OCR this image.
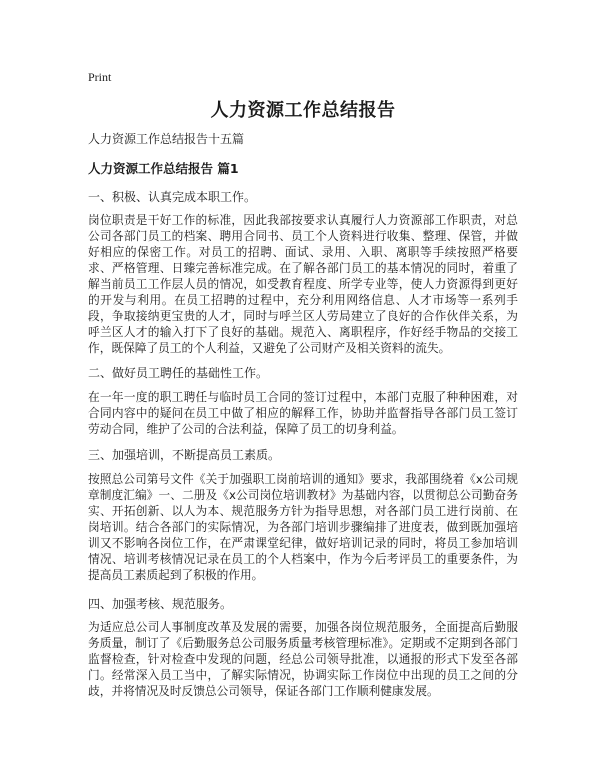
Print
人力资源工作总结报告

人力资源工作总结报告十五篇

人力资源工作总结报告 篇1

一、积极、认真完成本职工作。

岗位职责是干好工作的标准，因此我部按要求认真履行人力资源部工作职责，对总公司各部门员工的档案、聘用合同书、员工个人资料进行收集、整理、保管，并做好相应的保密工作。对员工的招聘、面试、录用、入职、离职等手续按照严格要求、严格管理、日臻完善标准完成。在了解各部门员工的基本情况的同时，着重了解当前员工工作层人员的情况，如受教育程度、所学专业等，使人力资源得到更好的开发与利用。在员工招聘的过程中，充分利用网络信息、人才市场等一系列手段，争取接纳更宝贵的人才，同时与呼兰区人劳局建立了良好的合作伙伴关系，为呼兰区人才的输入打下了良好的基础。规范入、离职程序，作好经手物品的交接工作，既保障了员工的个人利益，又避免了公司财产及相关资料的流失。

二、做好员工聘任的基础性工作。

在一年一度的职工聘任与临时员工合同的签订过程中，本部门克服了种种困难，对合同内容中的疑问在员工中做了相应的解释工作，协助并监督指导各部门员工签订劳动合同，维护了公司的合法利益，保障了员工的切身利益。

三、加强培训，不断提高员工素质。

按照总公司第号文件《关于加强职工岗前培训的通知》要求，我部围绕着《x公司规章制度汇编》一、二册及《x公司岗位培训教材》为基础内容，以贯彻总公司勤奋务实、开拓创新、以人为本、规范服务方针为指导思想，对各部门员工进行岗前、在岗培训。结合各部门的实际情况，为各部门培训步骤编排了进度表，做到既加强培训又不影响各岗位工作，在严肃课堂纪律，做好培训记录的同时，将员工参加培训情况、培训考核情况记录在员工的个人档案中，作为今后考评员工的重要条件，为提高员工素质起到了积极的作用。

四、加强考核、规范服务。

为适应总公司人事制度改革及发展的需要，加强各岗位规范服务，全面提高后勤服务质量，制订了《后勤服务总公司服务质量考核管理标准》。定期或不定期到各部门监督检查，针对检查中发现的问题，经总公司领导批准，以通报的形式下发至各部门。经常深入员工当中，了解实际情况，协调实际工作岗位中出现的员工之间的分歧，并将情况及时反馈总公司领导，保证各部门工作顺利健康发展。
